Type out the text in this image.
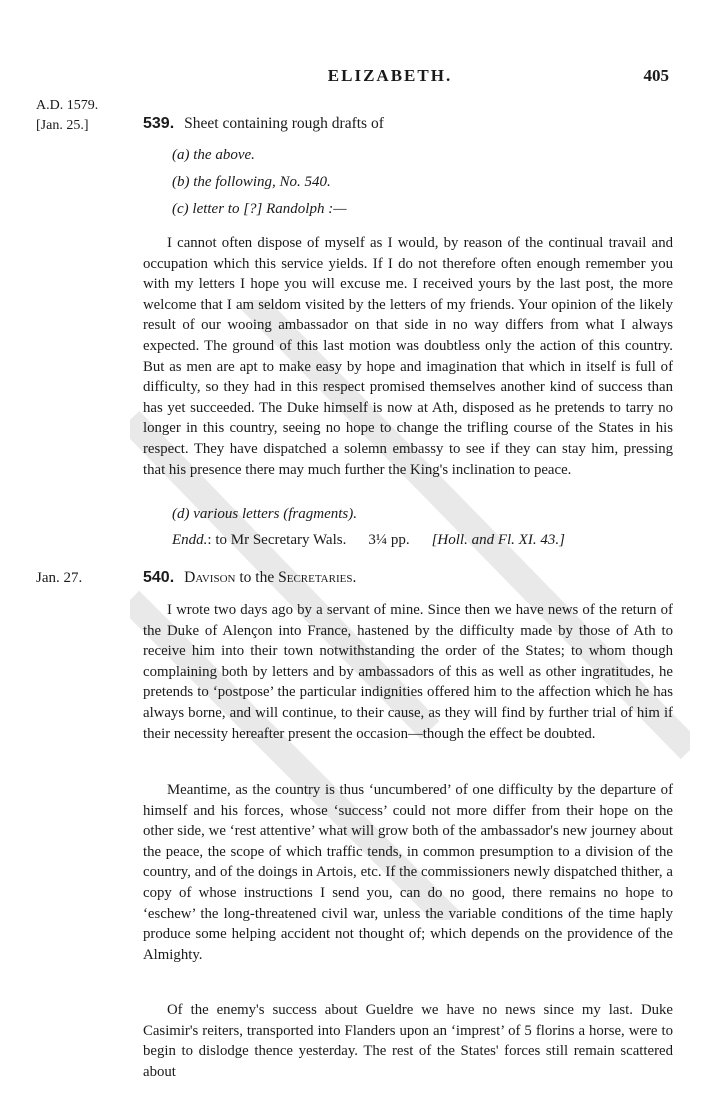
ELIZABETH.	405
A.D. 1579.
[Jan. 25.]	539. Sheet containing rough drafts of
(a) the above.
(b) the following, No. 540.
(c) letter to [?] Randolph :—

I cannot often dispose of myself as I would, by reason of the continual travail and occupation which this service yields. If I do not therefore often enough remember you with my letters I hope you will excuse me. I received yours by the last post, the more welcome that I am seldom visited by the letters of my friends. Your opinion of the likely result of our wooing ambassador on that side in no way differs from what I always expected. The ground of this last motion was doubtless only the action of this country. But as men are apt to make easy by hope and imagination that which in itself is full of difficulty, so they had in this respect promised themselves another kind of success than has yet succeeded. The Duke himself is now at Ath, disposed as he pretends to tarry no longer in this country, seeing no hope to change the trifling course of the States in his respect. They have dispatched a solemn embassy to see if they can stay him, pressing that his presence there may much further the King's inclination to peace.

(d) various letters (fragments).
Endd.: to Mr Secretary Wals. 3¼ pp. [Holl. and Fl. XI. 43.]
Jan. 27.	540. Davison to the Secretaries.

I wrote two days ago by a servant of mine. Since then we have news of the return of the Duke of Alençon into France, hastened by the difficulty made by those of Ath to receive him into their town notwithstanding the order of the States; to whom though complaining both by letters and by ambassadors of this as well as other ingratitudes, he pretends to ‘postpose’ the particular indignities offered him to the affection which he has always borne, and will continue, to their cause, as they will find by further trial of him if their necessity hereafter present the occasion—though the effect be doubted.

Meantime, as the country is thus ‘uncumbered’ of one difficulty by the departure of himself and his forces, whose ‘success’ could not more differ from their hope on the other side, we ‘rest attentive’ what will grow both of the ambassador's new journey about the peace, the scope of which traffic tends, in common presumption to a division of the country, and of the doings in Artois, etc. If the commissioners newly dispatched thither, a copy of whose instructions I send you, can do no good, there remains no hope to ‘eschew’ the long-threatened civil war, unless the variable conditions of the time haply produce some helping accident not thought of; which depends on the providence of the Almighty.

Of the enemy's success about Gueldre we have no news since my last. Duke Casimir's reiters, transported into Flanders upon an ‘imprest’ of 5 florins a horse, were to begin to dislodge thence yesterday. The rest of the States' forces still remain scattered about
